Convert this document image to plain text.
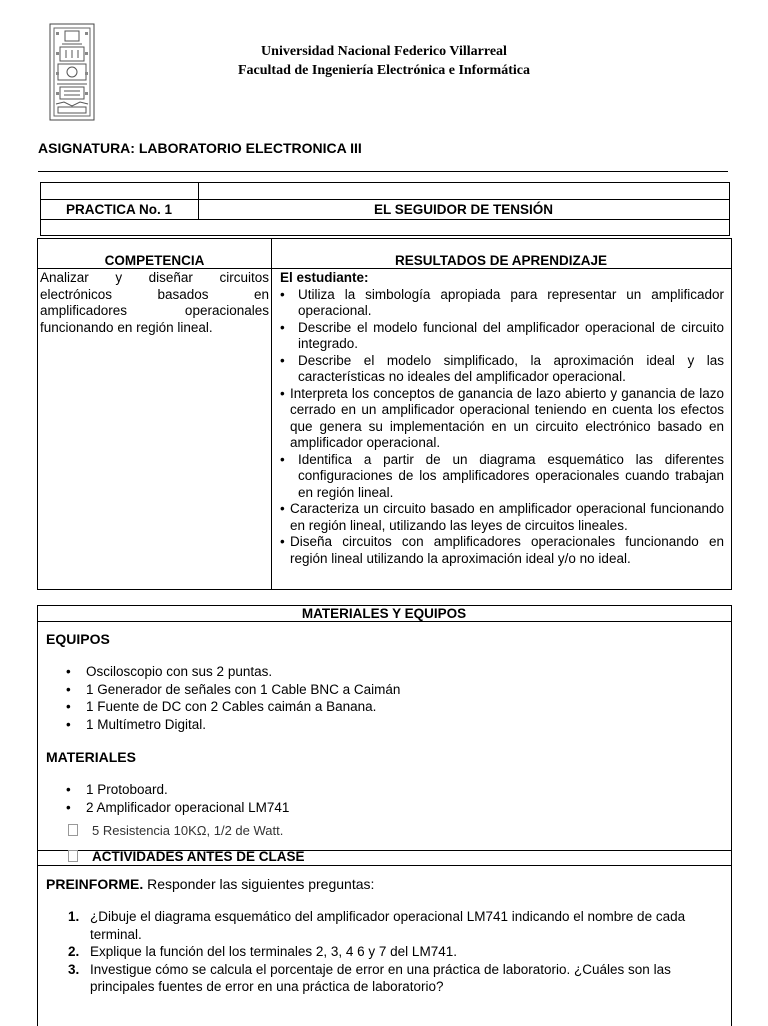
Universidad Nacional Federico Villarreal
Facultad de Ingeniería Electrónica e Informática
ASIGNATURA: LABORATORIO ELECTRONICA III
PRACTICA No. 1	EL SEGUIDOR DE TENSIÓN
COMPETENCIA	RESULTADOS DE APRENDIZAJE
Analizar y diseñar circuitos
electrónicos basados en
amplificadores operacionales
funcionando en región lineal.
El estudiante:
• Utiliza la simbología apropiada para representar un amplificador operacional.
• Describe el modelo funcional del amplificador operacional de circuito integrado.
• Describe el modelo simplificado, la aproximación ideal y las características no ideales del amplificador operacional.
• Interpreta los conceptos de ganancia de lazo abierto y ganancia de lazo cerrado en un amplificador operacional teniendo en cuenta los efectos que genera su implementación en un circuito electrónico basado en amplificador operacional.
• Identifica a partir de un diagrama esquemático las diferentes configuraciones de los amplificadores operacionales cuando trabajan en región lineal.
• Caracteriza un circuito basado en amplificador operacional funcionando en región lineal, utilizando las leyes de circuitos lineales.
• Diseña circuitos con amplificadores operacionales funcionando en región lineal utilizando la aproximación ideal y/o no ideal.
MATERIALES Y EQUIPOS
EQUIPOS
• Osciloscopio con sus 2 puntas.
• 1 Generador de señales con 1 Cable BNC a Caimán
• 1 Fuente de DC con 2 Cables caimán a Banana.
• 1 Multímetro Digital.
MATERIALES
• 1 Protoboard.
• 2 Amplificador operacional LM741
5 Resistencia 10KΩ, 1/2 de Watt.
ACTIVIDADES ANTES DE CLASE
PREINFORME. Responder las siguientes preguntas:
1. ¿Dibuje el diagrama esquemático del amplificador operacional LM741 indicando el nombre de cada terminal.
2. Explique la función del los terminales 2, 3, 4 6 y 7 del LM741.
3. Investigue cómo se calcula el porcentaje de error en una práctica de laboratorio. ¿Cuáles son las principales fuentes de error en una práctica de laboratorio?
